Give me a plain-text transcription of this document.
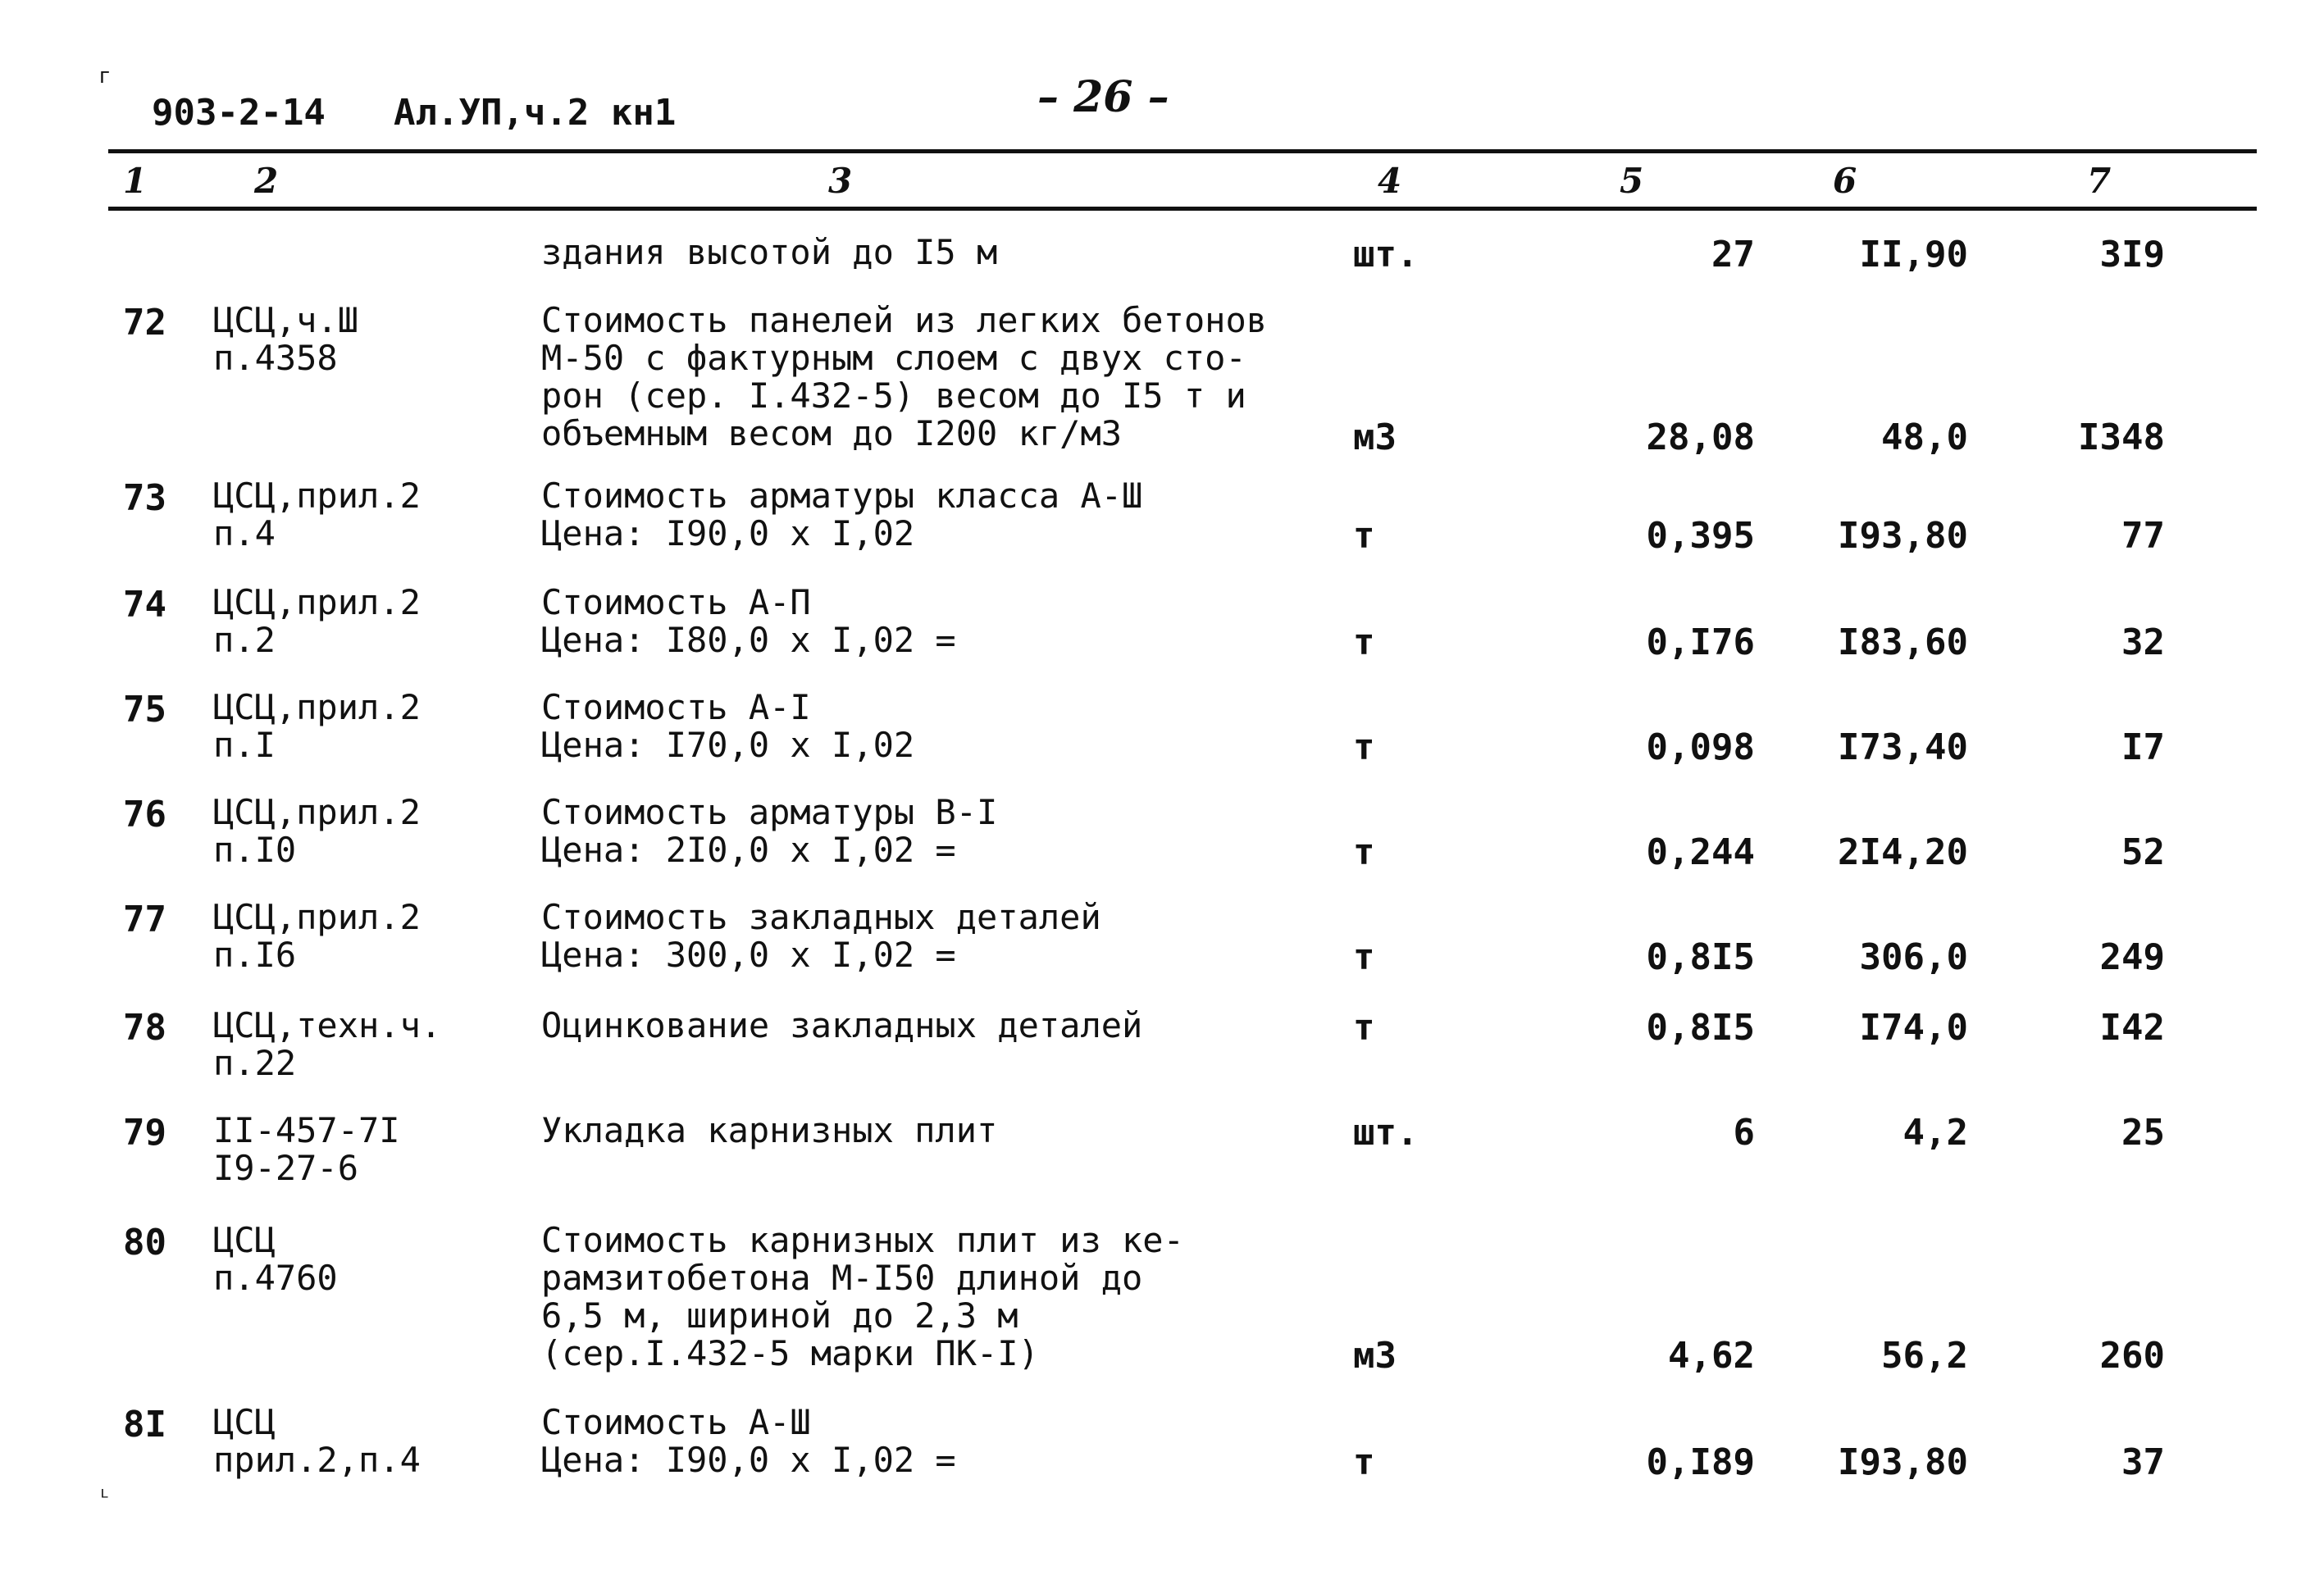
г
903-2-14 Ал.УП,ч.2 кн1	– 26 –
1	2	3	4	5	6	7
здания высотой до I5 м	шт.	27	II,90	3I9
72 ЦСЦ,ч.Ш
п.4358
Стоимость панелей из легких бетонов
М-50 с фактурным слоем с двух сто-
рон (сер. I.432-5) весом до I5 т и
объемным весом до I200 кг/м3	м3	28,08	48,0	I348
73 ЦСЦ,прил.2
п.4
Стоимость арматуры класса А-Ш
Цена: I90,0 x I,02	т	0,395	I93,80	77
74 ЦСЦ,прил.2
п.2
Стоимость А-П
Цена: I80,0 x I,02 =	т	0,I76	I83,60	32
75 ЦСЦ,прил.2
п.I
Стоимость А-I
Цена: I70,0 x I,02	т	0,098	I73,40	I7
76 ЦСЦ,прил.2
п.I0
Стоимость арматуры В-I
Цена: 2I0,0 x I,02 =	т	0,244	2I4,20	52
77 ЦСЦ,прил.2
п.I6
Стоимость закладных деталей
Цена: 300,0 x I,02 =	т	0,8I5	306,0	249
78 ЦСЦ,техн.ч.
п.22
Оцинкование закладных деталей	т	0,8I5	I74,0	I42
79 II-457-7I
I9-27-6
Укладка карнизных плит	шт.	6	4,2	25
80 ЦСЦ
п.4760
Стоимость карнизных плит из ке-
рамзитобетона М-I50 длиной до
6,5 м, шириной до 2,3 м
(сер.I.432-5 марки ПК-I)	м3	4,62	56,2	260
8I ЦСЦ
прил.2,п.4
Стоимость А-Ш
Цена: I90,0 x I,02 =	т	0,I89	I93,80	37
ᴸ
